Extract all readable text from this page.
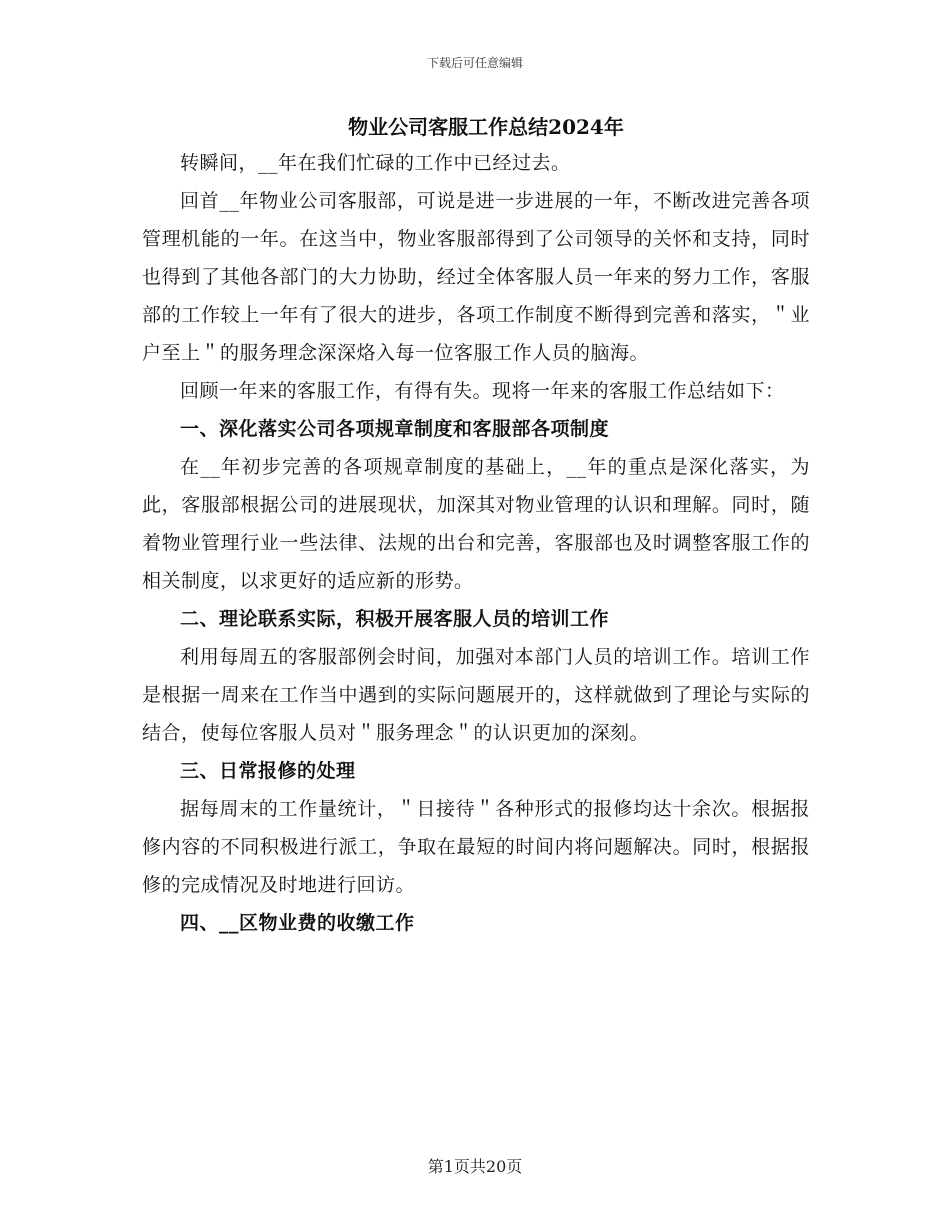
下载后可任意编辑
物业公司客服工作总结2024年

转瞬间，__年在我们忙碌的工作中已经过去。

回首__年物业公司客服部，可说是进一步进展的一年，不断改进完善各项管理机能的一年。在这当中，物业客服部得到了公司领导的关怀和支持，同时也得到了其他各部门的大力协助，经过全体客服人员一年来的努力工作，客服部的工作较上一年有了很大的进步，各项工作制度不断得到完善和落实，＂业户至上＂的服务理念深深烙入每一位客服工作人员的脑海。

回顾一年来的客服工作，有得有失。现将一年来的客服工作总结如下：

一、深化落实公司各项规章制度和客服部各项制度

在__年初步完善的各项规章制度的基础上，__年的重点是深化落实，为此，客服部根据公司的进展现状，加深其对物业管理的认识和理解。同时，随着物业管理行业一些法律、法规的出台和完善，客服部也及时调整客服工作的相关制度，以求更好的适应新的形势。

二、理论联系实际，积极开展客服人员的培训工作

利用每周五的客服部例会时间，加强对本部门人员的培训工作。培训工作是根据一周来在工作当中遇到的实际问题展开的，这样就做到了理论与实际的结合，使每位客服人员对＂服务理念＂的认识更加的深刻。

三、日常报修的处理

据每周末的工作量统计，＂日接待＂各种形式的报修均达十余次。根据报修内容的不同积极进行派工，争取在最短的时间内将问题解决。同时，根据报修的完成情况及时地进行回访。

四、__区物业费的收缴工作

第1页共20页
